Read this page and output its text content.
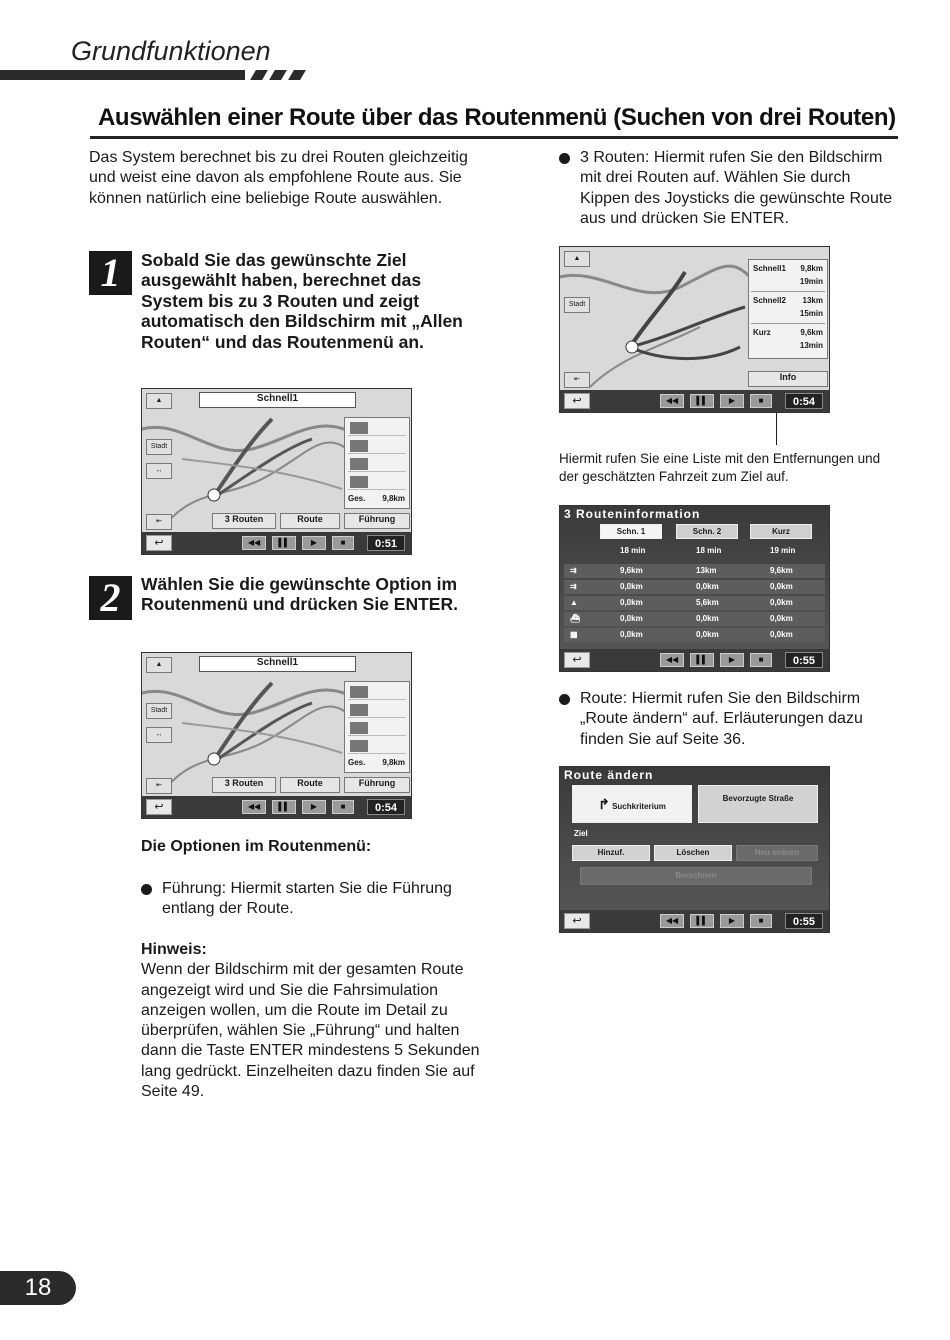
Grundfunktionen
Auswählen einer Route über das Routenmenü (Suchen von drei Routen)
Das System berechnet bis zu drei Routen gleichzeitig und weist eine davon als empfohlene Route aus. Sie können natürlich eine beliebige Route auswählen.
1	Sobald Sie das gewünschte Ziel ausgewählt haben, berechnet das System bis zu 3 Routen und zeigt automatisch den Bildschirm mit „Allen Routen“ und das Routenmenü an.
Schnell1
▲
Stadt
↔
⇤
Ges. 9,8km
3 Routen	Route	Führung
↩	◀◀	▌▌	▶	■	0:51
2	Wählen Sie die gewünschte Option im Routenmenü und drücken Sie ENTER.
Schnell1
▲
Stadt
↔
⇤
Ges. 9,8km
3 Routen	Route	Führung
↩	◀◀	▌▌	▶	■	0:54
Die Optionen im Routenmenü:
Führung: Hiermit starten Sie die Führung entlang der Route.
Hinweis:
Wenn der Bildschirm mit der gesamten Route angezeigt wird und Sie die Fahrsimulation anzeigen wollen, um die Route im Detail zu überprüfen, wählen Sie „Führung“ und halten dann die Taste ENTER mindestens 5 Sekunden lang gedrückt. Einzelheiten dazu finden Sie auf Seite 49.
3 Routen: Hiermit rufen Sie den Bildschirm mit drei Routen auf. Wählen Sie durch Kippen des Joysticks die gewünschte Route aus und drücken Sie ENTER.
▲
Stadt
⇤
Schnell1 9,8km
19min
Schnell2 13km
15min
Kurz	9,6km
13min
Info
↩	◀◀	▌▌	▶	■	0:54
Hiermit rufen Sie eine Liste mit den Entfernungen und der geschätzten Fahrzeit zum Ziel auf.
3 Routeninformation
Schn. 1	Schn. 2	Kurz
18 min	18 min	19 min
⇉	9,6km	13km	9,6km
⇉	0,0km	0,0km	0,0km
▲	0,0km	5,6km	0,0km
⛴	0,0km	0,0km	0,0km
▦	0,0km	0,0km	0,0km
↩	◀◀	▌▌	▶	■	0:55
Route: Hiermit rufen Sie den Bildschirm „Route ändern“ auf. Erläuterungen dazu finden Sie auf Seite 36.
Route ändern
↱ Suchkriterium
Bevorzugte Straße
Ziel
Hinzuf.	Löschen	Neu ordnen
Berechnen
↩	◀◀	▌▌	▶	■	0:55
18
